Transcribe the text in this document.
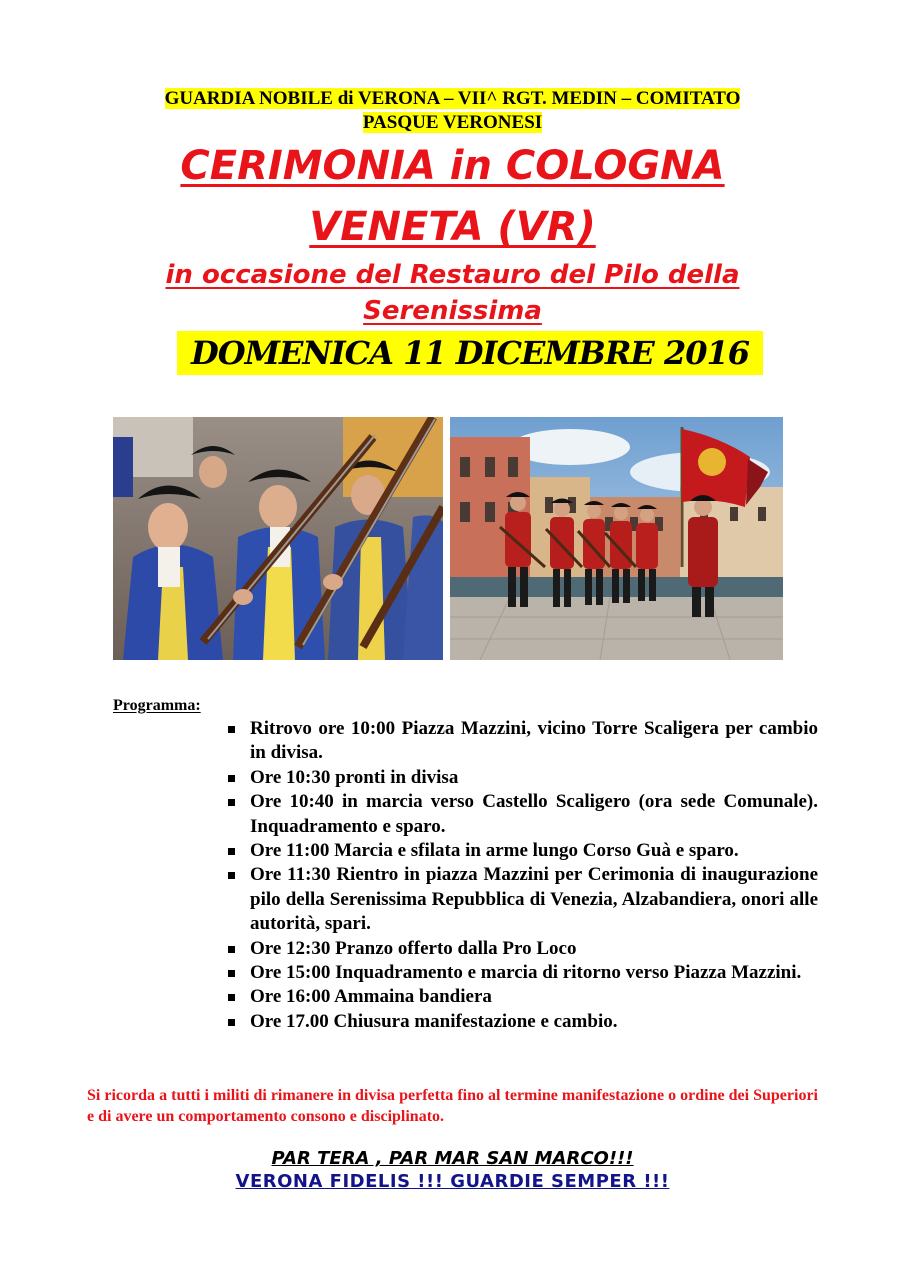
GUARDIA NOBILE di VERONA – VII^ RGT. MEDIN – COMITATO
PASQUE VERONESI
CERIMONIA in COLOGNA
VENETA (VR)
in occasione del Restauro del Pilo della
Serenissima
DOMENICA 11 DICEMBRE 2016
Programma:
Ritrovo ore 10:00 Piazza Mazzini, vicino Torre Scaligera per cambio in divisa.
Ore 10:30 pronti in divisa
Ore 10:40 in marcia verso Castello Scaligero (ora sede Comunale). Inquadramento e sparo.
Ore 11:00 Marcia e sfilata in arme lungo Corso Guà e sparo.
Ore 11:30 Rientro in piazza Mazzini per Cerimonia di inaugurazione pilo della Serenissima Repubblica di Venezia, Alzabandiera, onori alle autorità, spari.
Ore 12:30 Pranzo offerto dalla Pro Loco
Ore 15:00 Inquadramento e marcia di ritorno verso Piazza Mazzini.
Ore 16:00 Ammaina bandiera
Ore 17.00 Chiusura manifestazione e cambio.
Si ricorda a tutti i militi di rimanere in divisa perfetta fino al termine manifestazione o ordine dei Superiori e di avere un comportamento consono e disciplinato.
PAR TERA , PAR MAR SAN MARCO!!!
VERONA FIDELIS !!! GUARDIE SEMPER !!!
